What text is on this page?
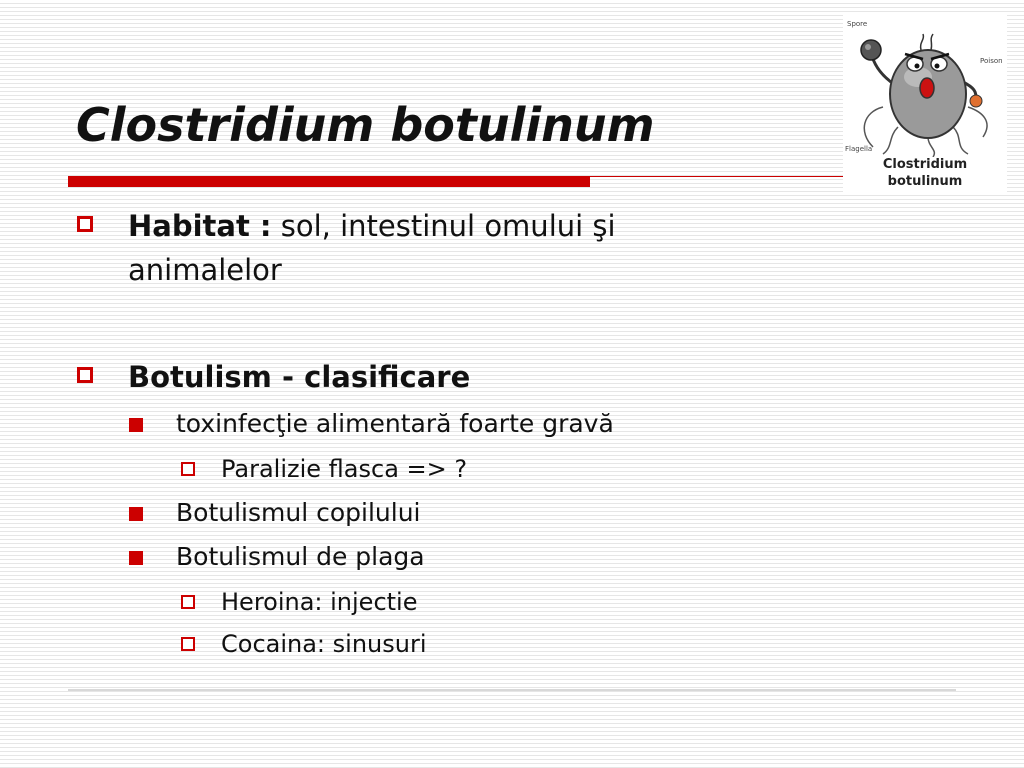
Clostridium botulinum
Spore
Poison
Flagella
Clostridium
botulinum
Habitat : sol, intestinul omului şi animalelor
Botulism - clasificare
toxinfecţie alimentară foarte gravă
Paralizie flasca => ?
Botulismul copilului
Botulismul de plaga
Heroina: injectie
Cocaina: sinusuri
